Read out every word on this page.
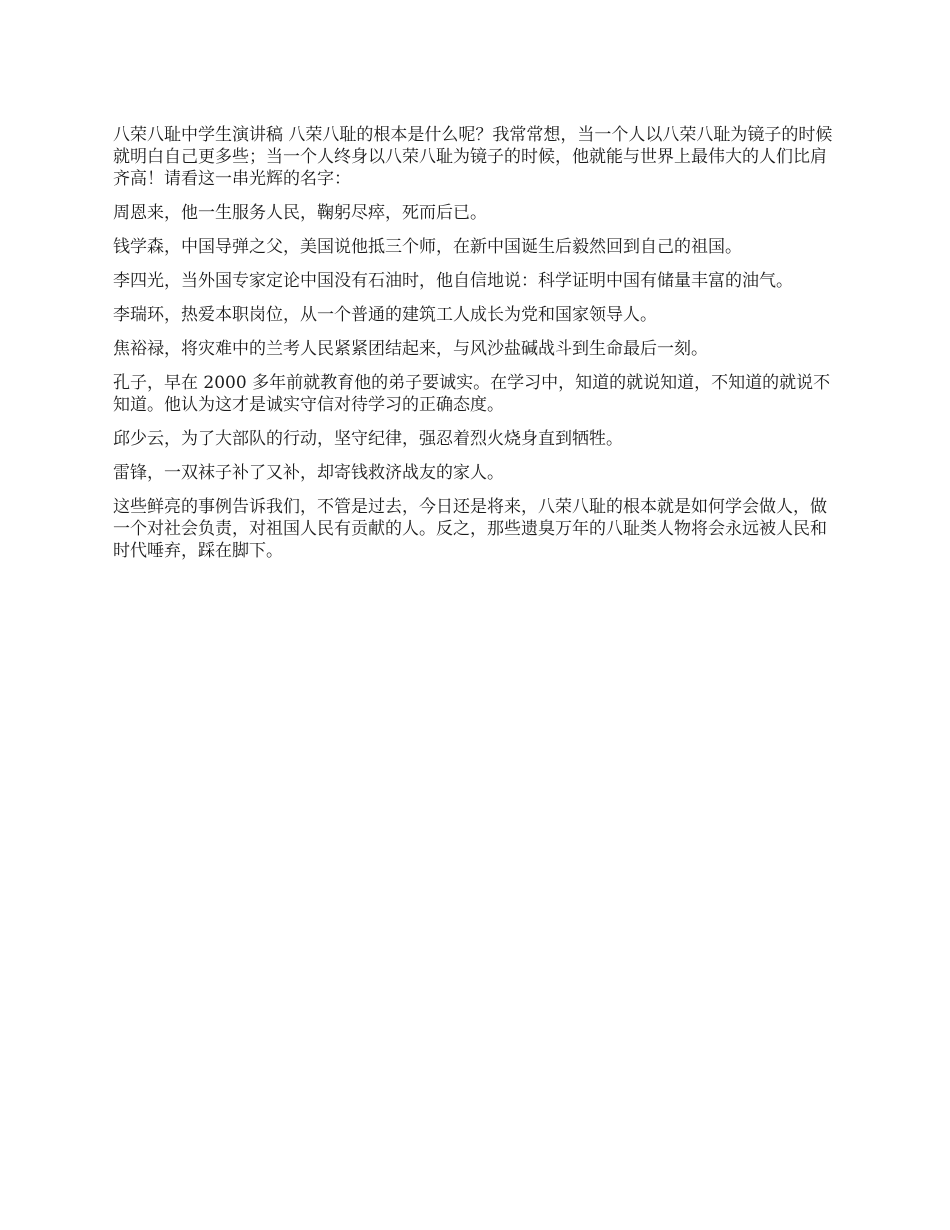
八荣八耻中学生演讲稿 八荣八耻的根本是什么呢？我常常想，当一个人以八荣八耻为镜子的时候就明白自己更多些；当一个人终身以八荣八耻为镜子的时候，他就能与世界上最伟大的人们比肩齐高！请看这一串光辉的名字：

周恩来，他一生服务人民，鞠躬尽瘁，死而后已。

钱学森，中国导弹之父，美国说他抵三个师，在新中国诞生后毅然回到自己的祖国。

李四光，当外国专家定论中国没有石油时，他自信地说：科学证明中国有储量丰富的油气。

李瑞环，热爱本职岗位，从一个普通的建筑工人成长为党和国家领导人。

焦裕禄，将灾难中的兰考人民紧紧团结起来，与风沙盐碱战斗到生命最后一刻。

孔子，早在 2000 多年前就教育他的弟子要诚实。在学习中，知道的就说知道，不知道的就说不知道。他认为这才是诚实守信对待学习的正确态度。

邱少云，为了大部队的行动，坚守纪律，强忍着烈火烧身直到牺牲。

雷锋，一双袜子补了又补，却寄钱救济战友的家人。

这些鲜亮的事例告诉我们，不管是过去，今日还是将来，八荣八耻的根本就是如何学会做人，做一个对社会负责，对祖国人民有贡献的人。反之，那些遗臭万年的八耻类人物将会永远被人民和时代唾弃，踩在脚下。
